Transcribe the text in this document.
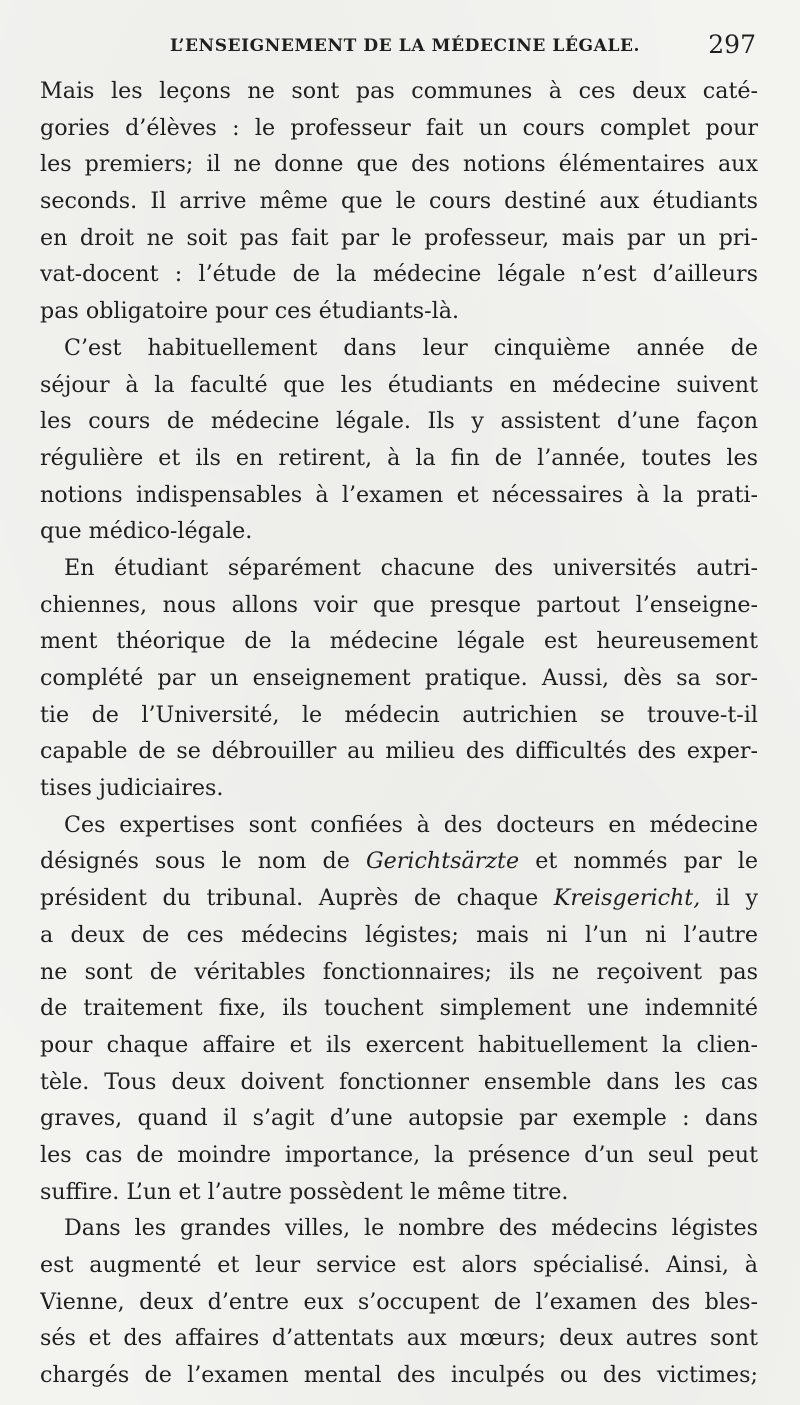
L’ENSEIGNEMENT DE LA MÉDECINE LÉGALE.	297
Mais les leçons ne sont pas communes à ces deux caté-
gories d’élèves : le professeur fait un cours complet pour
les premiers; il ne donne que des notions élémentaires aux
seconds. Il arrive même que le cours destiné aux étudiants
en droit ne soit pas fait par le professeur, mais par un pri-
vat-docent : l’étude de la médecine légale n’est d’ailleurs
pas obligatoire pour ces étudiants-là.
C’est habituellement dans leur cinquième année de
séjour à la faculté que les étudiants en médecine suivent
les cours de médecine légale. Ils y assistent d’une façon
régulière et ils en retirent, à la fin de l’année, toutes les
notions indispensables à l’examen et nécessaires à la prati-
que médico-légale.
En étudiant séparément chacune des universités autri-
chiennes, nous allons voir que presque partout l’enseigne-
ment théorique de la médecine légale est heureusement
complété par un enseignement pratique. Aussi, dès sa sor-
tie de l’Université, le médecin autrichien se trouve-t-il
capable de se débrouiller au milieu des difficultés des exper-
tises judiciaires.
Ces expertises sont confiées à des docteurs en médecine
désignés sous le nom de Gerichtsärzte et nommés par le
président du tribunal. Auprès de chaque Kreisgericht, il y
a deux de ces médecins légistes; mais ni l’un ni l’autre
ne sont de véritables fonctionnaires; ils ne reçoivent pas
de traitement fixe, ils touchent simplement une indemnité
pour chaque affaire et ils exercent habituellement la clien-
tèle. Tous deux doivent fonctionner ensemble dans les cas
graves, quand il s’agit d’une autopsie par exemple : dans
les cas de moindre importance, la présence d’un seul peut
suffire. L’un et l’autre possèdent le même titre.
Dans les grandes villes, le nombre des médecins légistes
est augmenté et leur service est alors spécialisé. Ainsi, à
Vienne, deux d’entre eux s’occupent de l’examen des bles-
sés et des affaires d’attentats aux mœurs; deux autres sont
chargés de l’examen mental des inculpés ou des victimes;
